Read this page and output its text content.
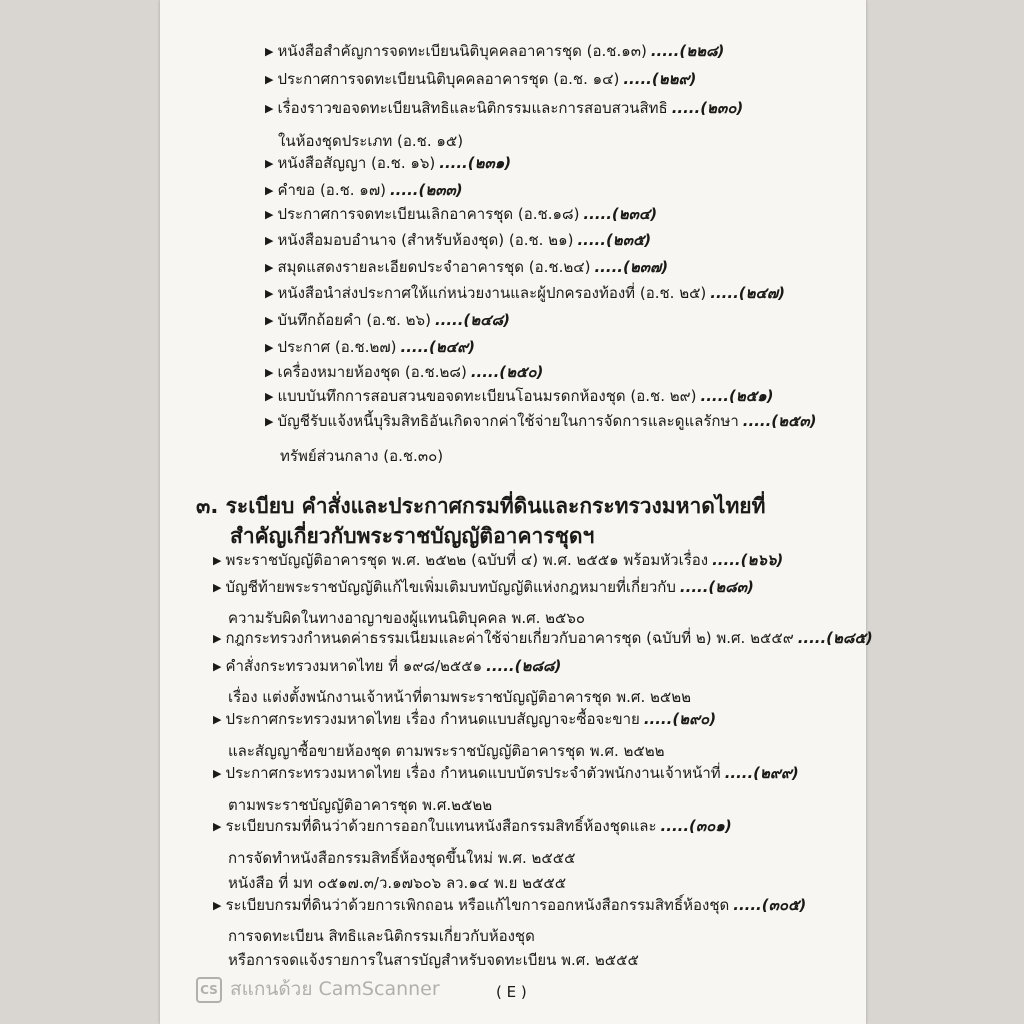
▶ หนังสือสำคัญการจดทะเบียนนิติบุคคลอาคารชุด (อ.ช.๑๓) .....(๒๒๘)
▶ ประกาศการจดทะเบียนนิติบุคคลอาคารชุด (อ.ช. ๑๔) .....(๒๒๙)
▶ เรื่องราวขอจดทะเบียนสิทธิและนิติกรรมและการสอบสวนสิทธิ .....(๒๓๐)
ในห้องชุดประเภท (อ.ช. ๑๕)
▶ หนังสือสัญญา (อ.ช. ๑๖) .....(๒๓๑)
▶ คำขอ (อ.ช. ๑๗) .....(๒๓๓)
▶ ประกาศการจดทะเบียนเลิกอาคารชุด (อ.ช.๑๘) .....(๒๓๔)
▶ หนังสือมอบอำนาจ (สำหรับห้องชุด) (อ.ช. ๒๑) .....(๒๓๕)
▶ สมุดแสดงรายละเอียดประจำอาคารชุด (อ.ช.๒๔) .....(๒๓๗)
▶ หนังสือนำส่งประกาศให้แก่หน่วยงานและผู้ปกครองท้องที่ (อ.ช. ๒๕) .....(๒๔๗)
▶ บันทึกถ้อยคำ (อ.ช. ๒๖) .....(๒๔๘)
▶ ประกาศ (อ.ช.๒๗) .....(๒๔๙)
▶ เครื่องหมายห้องชุด (อ.ช.๒๘) .....(๒๕๐)
▶ แบบบันทึกการสอบสวนขอจดทะเบียนโอนมรดกห้องชุด (อ.ช. ๒๙) .....(๒๕๑)
▶ บัญชีรับแจ้งหนี้บุริมสิทธิอันเกิดจากค่าใช้จ่ายในการจัดการและดูแลรักษา .....(๒๕๓)
ทรัพย์ส่วนกลาง (อ.ช.๓๐)
๓. ระเบียบ คำสั่งและประกาศกรมที่ดินและกระทรวงมหาดไทยที่
สำคัญเกี่ยวกับพระราชบัญญัติอาคารชุดฯ
▶ พระราชบัญญัติอาคารชุด พ.ศ. ๒๕๒๒ (ฉบับที่ ๔) พ.ศ. ๒๕๕๑ พร้อมหัวเรื่อง .....(๒๖๖)
▶ บัญชีท้ายพระราชบัญญัติแก้ไขเพิ่มเติมบทบัญญัติแห่งกฎหมายที่เกี่ยวกับ .....(๒๘๓)
ความรับผิดในทางอาญาของผู้แทนนิติบุคคล พ.ศ. ๒๕๖๐
▶ กฎกระทรวงกำหนดค่าธรรมเนียมและค่าใช้จ่ายเกี่ยวกับอาคารชุด (ฉบับที่ ๒) พ.ศ. ๒๕๕๙ .....(๒๘๕)
▶ คำสั่งกระทรวงมหาดไทย ที่ ๑๙๘/๒๕๕๑ .....(๒๘๘)
เรื่อง แต่งตั้งพนักงานเจ้าหน้าที่ตามพระราชบัญญัติอาคารชุด พ.ศ. ๒๕๒๒
▶ ประกาศกระทรวงมหาดไทย เรื่อง กำหนดแบบสัญญาจะซื้อจะขาย .....(๒๙๐)
และสัญญาซื้อขายห้องชุด ตามพระราชบัญญัติอาคารชุด พ.ศ. ๒๕๒๒
▶ ประกาศกระทรวงมหาดไทย เรื่อง กำหนดแบบบัตรประจำตัวพนักงานเจ้าหน้าที่ .....(๒๙๙)
ตามพระราชบัญญัติอาคารชุด พ.ศ.๒๕๒๒
▶ ระเบียบกรมที่ดินว่าด้วยการออกใบแทนหนังสือกรรมสิทธิ์ห้องชุดและ .....(๓๐๑)
การจัดทำหนังสือกรรมสิทธิ์ห้องชุดขึ้นใหม่ พ.ศ. ๒๕๕๕
หนังสือ ที่ มท ๐๕๑๗.๓/ว.๑๗๖๐๖ ลว.๑๔ พ.ย ๒๕๕๕
▶ ระเบียบกรมที่ดินว่าด้วยการเพิกถอน หรือแก้ไขการออกหนังสือกรรมสิทธิ์ห้องชุด .....(๓๐๕)
การจดทะเบียน สิทธิและนิติกรรมเกี่ยวกับห้องชุด
หรือการจดแจ้งรายการในสารบัญสำหรับจดทะเบียน พ.ศ. ๒๕๕๕
CS สแกนด้วย CamScanner	( E )
